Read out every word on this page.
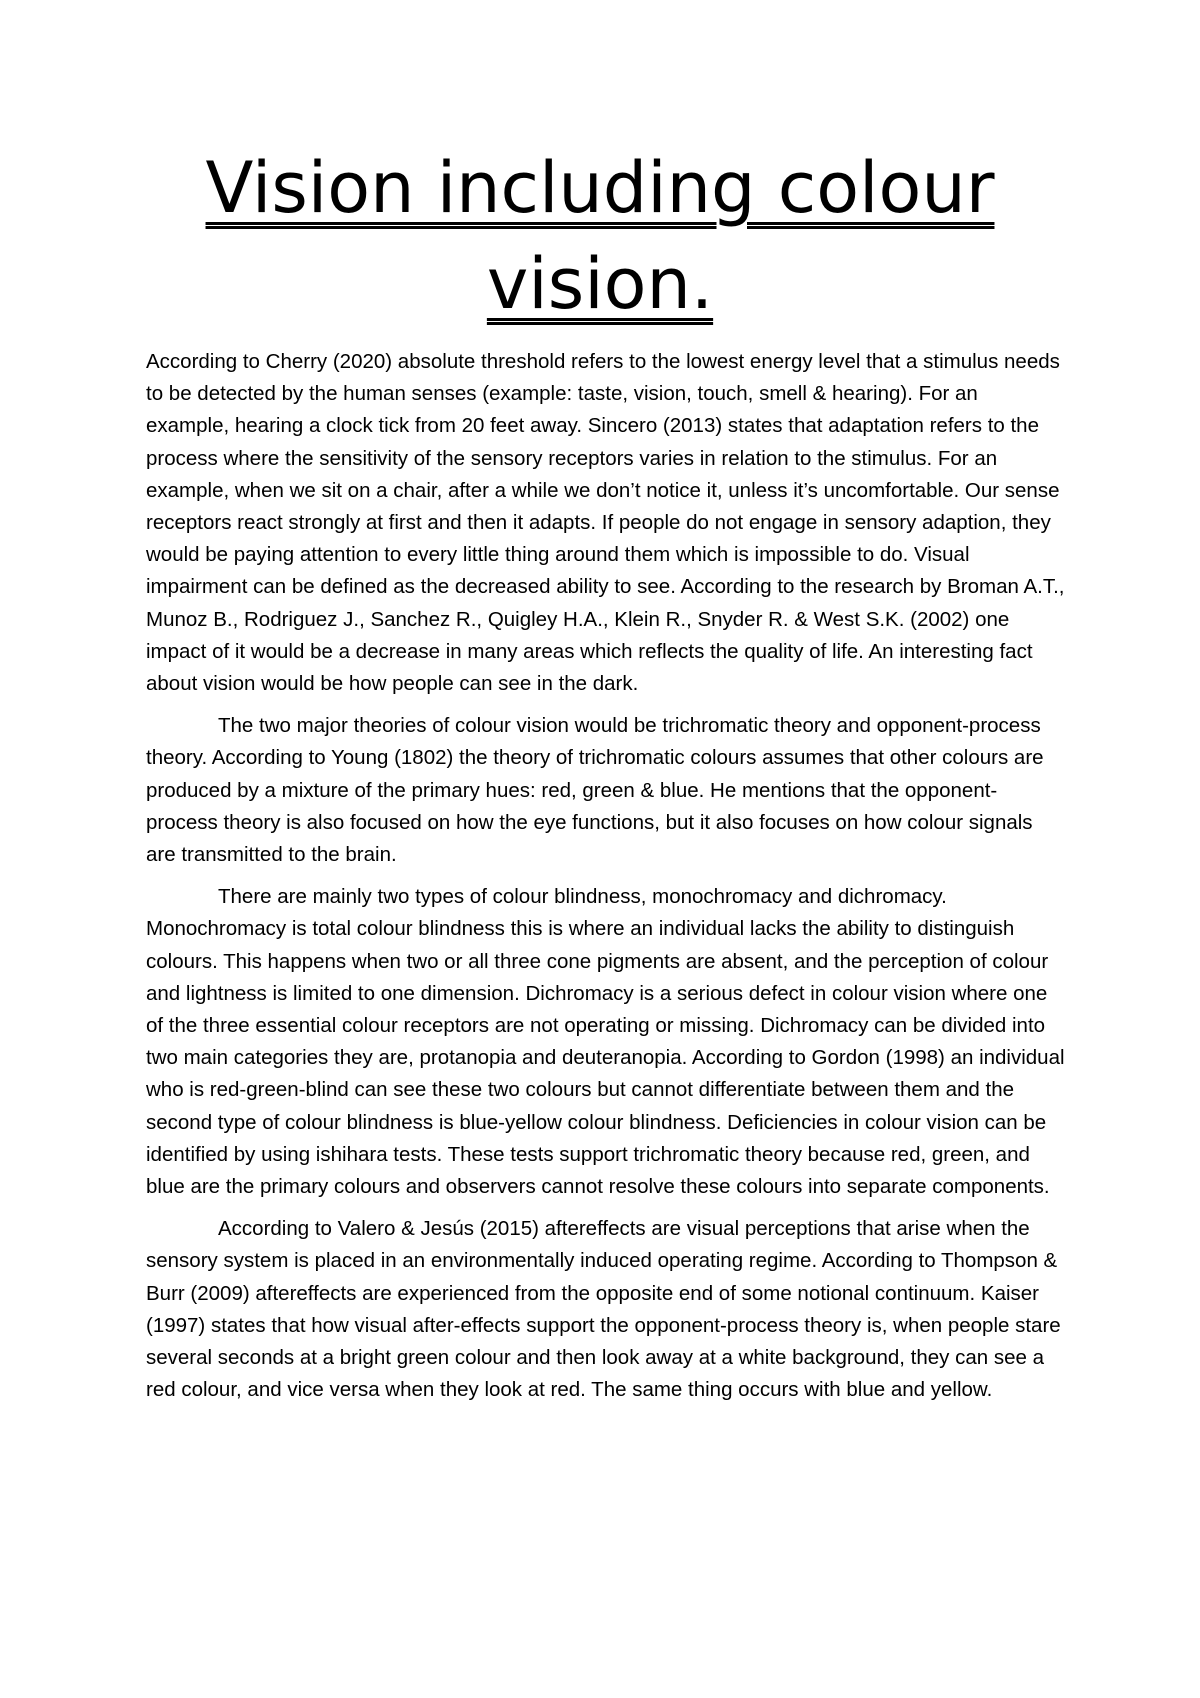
Vision including colour vision.

According to Cherry (2020) absolute threshold refers to the lowest energy level that a stimulus needs to be detected by the human senses (example: taste, vision, touch, smell & hearing). For an example, hearing a clock tick from 20 feet away. Sincero (2013) states that adaptation refers to the process where the sensitivity of the sensory receptors varies in relation to the stimulus. For an example, when we sit on a chair, after a while we don’t notice it, unless it’s uncomfortable. Our sense receptors react strongly at first and then it adapts. If people do not engage in sensory adaption, they would be paying attention to every little thing around them which is impossible to do. Visual impairment can be defined as the decreased ability to see. According to the research by Broman A.T., Munoz B., Rodriguez J., Sanchez R., Quigley H.A., Klein R., Snyder R. & West S.K. (2002) one impact of it would be a decrease in many areas which reflects the quality of life. An interesting fact about vision would be how people can see in the dark.

The two major theories of colour vision would be trichromatic theory and opponent-process theory. According to Young (1802) the theory of trichromatic colours assumes that other colours are produced by a mixture of the primary hues: red, green & blue. He mentions that the opponent-process theory is also focused on how the eye functions, but it also focuses on how colour signals are transmitted to the brain.

There are mainly two types of colour blindness, monochromacy and dichromacy. Monochromacy is total colour blindness this is where an individual lacks the ability to distinguish colours. This happens when two or all three cone pigments are absent, and the perception of colour and lightness is limited to one dimension. Dichromacy is a serious defect in colour vision where one of the three essential colour receptors are not operating or missing. Dichromacy can be divided into two main categories they are, protanopia and deuteranopia. According to Gordon (1998) an individual who is red-green-blind can see these two colours but cannot differentiate between them and the second type of colour blindness is blue-yellow colour blindness. Deficiencies in colour vision can be identified by using ishihara tests. These tests support trichromatic theory because red, green, and blue are the primary colours and observers cannot resolve these colours into separate components.

According to Valero & Jesús (2015) aftereffects are visual perceptions that arise when the sensory system is placed in an environmentally induced operating regime. According to Thompson & Burr (2009) aftereffects are experienced from the opposite end of some notional continuum. Kaiser (1997) states that how visual after-effects support the opponent-process theory is, when people stare several seconds at a bright green colour and then look away at a white background, they can see a red colour, and vice versa when they look at red. The same thing occurs with blue and yellow.
